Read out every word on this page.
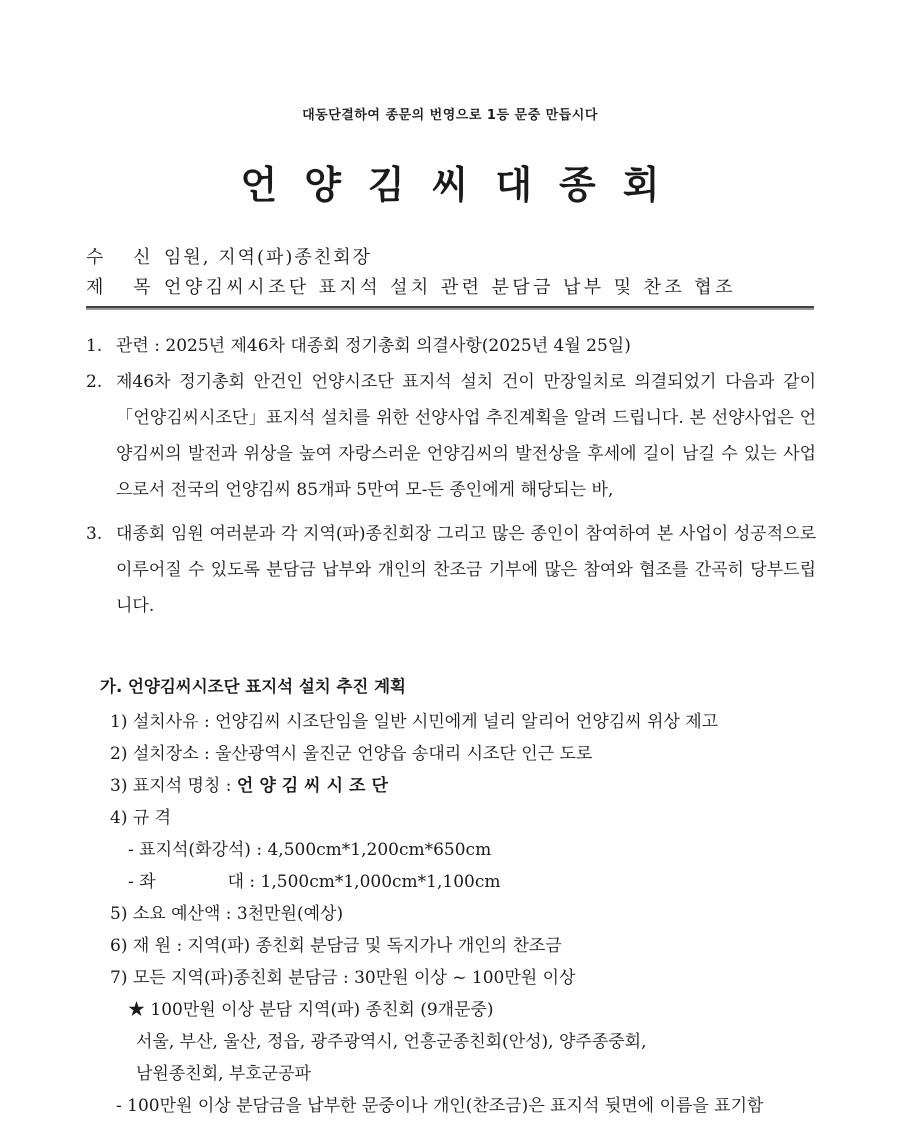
대동단결하여 종문의 번영으로 1등 문중 만듭시다
언양김씨대종회
수 신임원, 지역(파)종친회장
제 목언양김씨시조단 표지석 설치 관련 분담금 납부 및 찬조 협조
1. 관련 : 2025년 제46차 대종회 정기총회 의결사항(2025년 4월 25일)
2. 제46차 정기총회 안건인 언양시조단 표지석 설치 건이 만장일치로 의결되었기 다음과 같이 「언양김씨시조단」표지석 설치를 위한 선양사업 추진계획을 알려 드립니다. 본 선양사업은 언양김씨의 발전과 위상을 높여 자랑스러운 언양김씨의 발전상을 후세에 길이 남길 수 있는 사업으로서 전국의 언양김씨 85개파 5만여 모-든 종인에게 해당되는 바,
3. 대종회 임원 여러분과 각 지역(파)종친회장 그리고 많은 종인이 참여하여 본 사업이 성공적으로 이루어질 수 있도록 분담금 납부와 개인의 찬조금 기부에 많은 참여와 협조를 간곡히 당부드립니다.
가. 언양김씨시조단 표지석 설치 추진 계획
1) 설치사유 : 언양김씨 시조단임을 일반 시민에게 널리 알리어 언양김씨 위상 제고
2) 설치장소 : 울산광역시 울진군 언양읍 송대리 시조단 인근 도로
3) 표지석 명칭 : 언양김씨시조단
4) 규 격
- 표지석(화강석) : 4,500cm*1,200cm*650cm
- 좌	대 : 1,500cm*1,000cm*1,100cm
5) 소요 예산액 : 3천만원(예상)
6) 재 원 : 지역(파) 종친회 분담금 및 독지가나 개인의 찬조금
7) 모든 지역(파)종친회 분담금 : 30만원 이상 ~ 100만원 이상
★ 100만원 이상 분담 지역(파) 종친회 (9개문중)
서울, 부산, 울산, 정읍, 광주광역시, 언흥군종친회(안성), 양주종중회,
남원종친회, 부호군공파
- 100만원 이상 분담금을 납부한 문중이나 개인(찬조금)은 표지석 뒷면에 이름을 표기함
